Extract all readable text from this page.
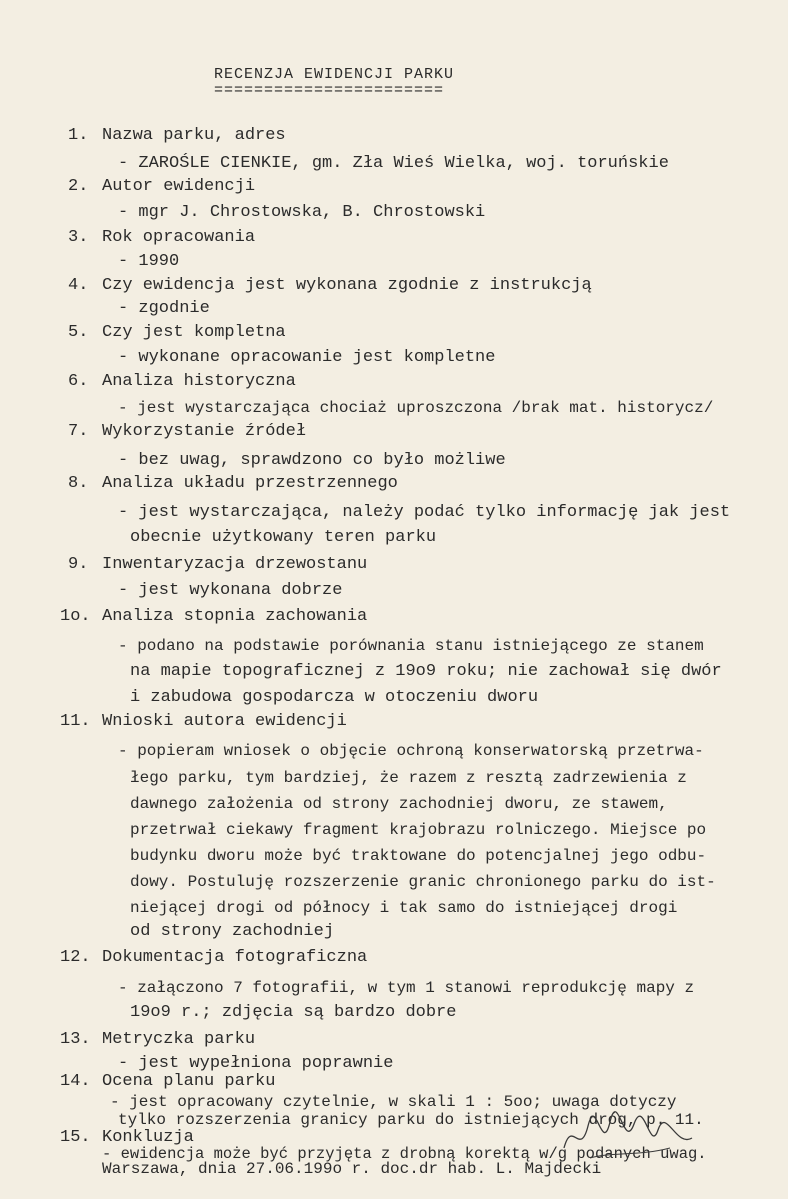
RECENZJA EWIDENCJI PARKU
=======================
1. Nazwa parku, adres
- ZAROŚLE CIENKIE, gm. Zła Wieś Wielka, woj. toruńskie
2. Autor ewidencji
- mgr J. Chrostowska, B. Chrostowski
3. Rok opracowania
- 1990
4. Czy ewidencja jest wykonana zgodnie z instrukcją
- zgodnie
5. Czy jest kompletna
- wykonane opracowanie jest kompletne
6. Analiza historyczna
- jest wystarczająca chociaż uproszczona /brak mat. historycz/
7. Wykorzystanie źródeł
- bez uwag, sprawdzono co było możliwe
8. Analiza układu przestrzennego
- jest wystarczająca, należy podać tylko informację jak jest
obecnie użytkowany teren parku
9. Inwentaryzacja drzewostanu
- jest wykonana dobrze
1o. Analiza stopnia zachowania
- podano na podstawie porównania stanu istniejącego ze stanem
na mapie topograficznej z 19o9 roku; nie zachował się dwór
i zabudowa gospodarcza w otoczeniu dworu
11. Wnioski autora ewidencji
- popieram wniosek o objęcie ochroną konserwatorską przetrwa-
łego parku, tym bardziej, że razem z resztą zadrzewienia z
dawnego założenia od strony zachodniej dworu, ze stawem,
przetrwał ciekawy fragment krajobrazu rolniczego. Miejsce po
budynku dworu może być traktowane do potencjalnej jego odbu-
dowy. Postuluję rozszerzenie granic chronionego parku do ist-
niejącej drogi od północy i tak samo do istniejącej drogi
od strony zachodniej
12. Dokumentacja fotograficzna
- załączono 7 fotografii, w tym 1 stanowi reprodukcję mapy z
19o9 r.; zdjęcia są bardzo dobre
13. Metryczka parku
- jest wypełniona poprawnie
14. Ocena planu parku
- jest opracowany czytelnie, w skali 1 : 5oo; uwaga dotyczy
tylko rozszerzenia granicy parku do istniejących dróg, p. 11.
15. Konkluzja
- ewidencja może być przyjęta z drobną korektą w/g podanych uwag.
Warszawa, dnia 27.06.199o r. doc.dr hab. L. Majdecki
